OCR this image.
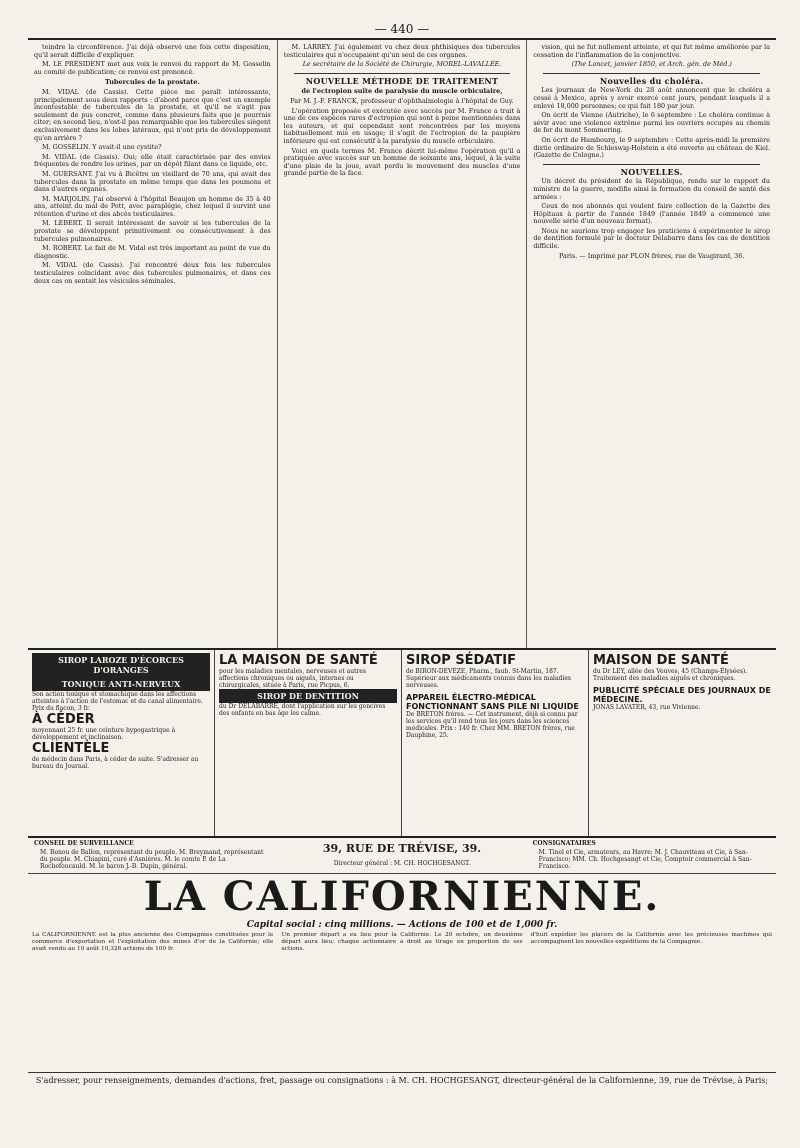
— 440 —

teindre la circonférence. J'ai déjà observé une fois cette disposition, qu'il serait difficile d'expliquer.

M. LE PRÉSIDENT met aux voix le renvoi du rapport de M. Gosselin au comité de publication; ce renvoi est prononcé.

Tubercules de la prostate.

M. VIDAL (de Cassis). Cette pièce me paraît intéressante, principalement sous deux rapports : d'abord parce que c'est un exemple incontestable de tubercules de la prostate, et qu'il ne s'agit pas seulement de pus concret, comme dans plusieurs faits que je pourrais citer; en second lieu, n'est-il pas remarquable que les tubercules siègent exclusivement dans les lobes latéraux, qui n'ont pris de développement qu'en arrière ?

M. GOSSELIN. Y avait-il une cystite?

M. VIDAL (de Cassis). Oui; elle était caractérisée par des envies fréquentes de rendre les urines, par un dépôt filant dans ce liquide, etc.

M. GUERSANT. J'ai vu à Bicêtre un vieillard de 70 ans, qui avait des tubercules dans la prostate en même temps que dans les poumons et dans d'autres organes.

M. MARJOLIN. J'ai observé à l'hôpital Beaujon un homme de 35 à 40 ans, atteint du mal de Pott, avec paraplégie, chez lequel il survint une rétention d'urine et des abcès testiculaires.

M. LEBERT. Il serait intéressant de savoir si les tubercules de la prostate se développent primitivement ou consécutivement à des tubercules pulmonaires.

M. ROBERT. Le fait de M. Vidal est très important au point de vue du diagnostic.

M. VIDAL (de Cassis). J'ai rencontré deux fois les tubercules testiculaires coïncidant avec des tubercules pulmonaires, et dans ces deux cas on sentait les vésicules séminales.

M. LARREY. J'ai également vu chez deux phthisiques des tubercules testiculaires qui n'occupaient qu'un seul de ces organes.

Le secrétaire de la Société de Chirurgie, MOREL-LAVALLÉE.

NOUVELLE MÉTHODE DE TRAITEMENT
de l'ectropion suite de paralysie du muscle orbiculaire,

Par M. J.-F. FRANCK, professeur d'ophthalmologie à l'hôpital de Guy.

L'opération proposée et exécutée avec succès par M. France a trait à une de ces espèces rares d'ectropion qui sont à peine mentionnées dans les auteurs, et qui cependant sont rencontrées par les moyens habituellement mis en usage; il s'agit de l'ectropion de la paupière inférieure qui est consécutif à la paralysie du muscle orbiculaire.

Voici en quels termes M. France décrit lui-même l'opération qu'il a pratiquée avec succès sur un homme de soixante ans, lequel, à la suite d'une plaie de la joue, avait perdu le mouvement des muscles d'une grande partie de la face.

vision, qui ne fut nullement atteinte, et qui fut même améliorée par la cessation de l'inflammation de la conjonctive.

(The Lancet, janvier 1850, et Arch. gén. de Méd.)

Nouvelles du choléra.

Les journaux de New-York du 28 août annoncent que le choléra a cessé à Mexico, après y avoir exercé cent jours, pendant lesquels il a enlevé 18,000 personnes; ce qui fait 180 par jour.

On écrit de Vienne (Autriche), le 6 septembre : Le choléra continue à sévir avec une violence extrême parmi les ouvriers occupés au chemin de fer du mont Sommering.

On écrit de Hambourg, le 9 septembre : Cette après-midi la première dixtie ordinaire de Schleswig-Holstein a été ouverte au château de Kiel. (Gazette de Cologne.)

NOUVELLES.

Un décret du président de la République, rendu sur le rapport du ministre de la guerre, modifie ainsi la formation du conseil de santé des armées :

Ceux de nos abonnés qui veulent faire collection de la Gazette des Hôpitaux à partir de l'année 1849 (l'année 1849 a commencé une nouvelle série d'un nouveau format).

Nous ne saurions trop engager les praticiens à expérimenter le sirop de dentition formulé par le docteur Delabarre dans les cas de dentition difficile.

Paris. — Imprimé par PLON frères, rue de Vaugirard, 36.

SIROP LAROZE D'ÉCORCES D'ORANGES
TONIQUE ANTI-NERVEUX
Son action tonique et stomachique dans les affections atteintes à l'action de l'estomac et du canal alimentaire. Prix du flacon, 3 fr.
À CÉDER
moyennant 25 fr. une ceinture hypogastrique à développement et inclinaison.
CLIENTÈLE
de médecin dans Paris, à céder de suite. S'adresser au bureau du Journal.
LA MAISON DE SANTÉ
pour les maladies mentales, nerveuses et autres affections chroniques ou aiguës, internes ou chirurgicales, située à Paris, rue Picpus, 6.
SIROP DE DENTITION
du Dr DELABARRE, dont l'application sur les gencives des enfants en bas âge les calme.
SIROP SÉDATIF
de BIRON-DEVÉZE, Pharm., faub. St-Martin, 187. Supérieur aux médicaments connus dans les maladies nerveuses.
APPAREIL ÉLECTRO-MÉDICAL FONCTIONNANT SANS PILE NI LIQUIDE
De BRETON frères. — Cet instrument, déjà si connu par les services qu'il rend tous les jours dans les sciences médicales. Prix : 140 fr. Chez MM. BRETON frères, rue Dauphine, 25.
MAISON DE SANTÉ
du Dr LEY, allée des Veuves, 45 (Champs-Élysées). Traitement des maladies aiguës et chroniques.
PUBLICITÉ SPÉCIALE DES JOURNAUX DE MÉDECINE.
JONAS LAVATER, 43, rue Vivienne.
CONSEIL DE SURVEILLANCE
M. Renou de Ballon, représentant du peuple. M. Breymand, représentant du peuple. M. Chiapini, curé d'Asnières. M. le comte P. de La Rochefoucauld. M. le baron J.-B. Dupin, général.
39, RUE DE TRÉVISE, 39.
Directeur général : M. CH. HOCHGESANGT.
CONSIGNATAIRES
M. Tinel et Cie, armateurs, au Havre; M. J. Chauviteau et Cie, à San-Francisco; MM. Ch. Hochgesangt et Cie, Comptoir commercial à San-Francisco.
LA CALIFORNIENNE.
Capital social : cinq millions. — Actions de 100 et de 1,000 fr.
La CALIFORNIENNE est la plus ancienne des Compagnies constituées pour le commerce d'exportation et l'exploitation des mines d'or de la Californie; elle avait vendu au 10 août 10,326 actions de 100 fr.
Un premier départ a eu lieu pour la Californie. Le 20 octobre, un deuxième départ aura lieu; chaque actionnaire a droit au tirage en proportion de ses actions.
d'huit expédier les placers de la Californie avec les précieuses machines qui accompagnent les nouvelles expéditions de la Compagnie.
S'adresser, pour renseignements, demandes d'actions, fret, passage ou consignations : à M. CH. HOCHGESANGT, directeur-général de la Californienne, 39, rue de Trévise, à Paris;
